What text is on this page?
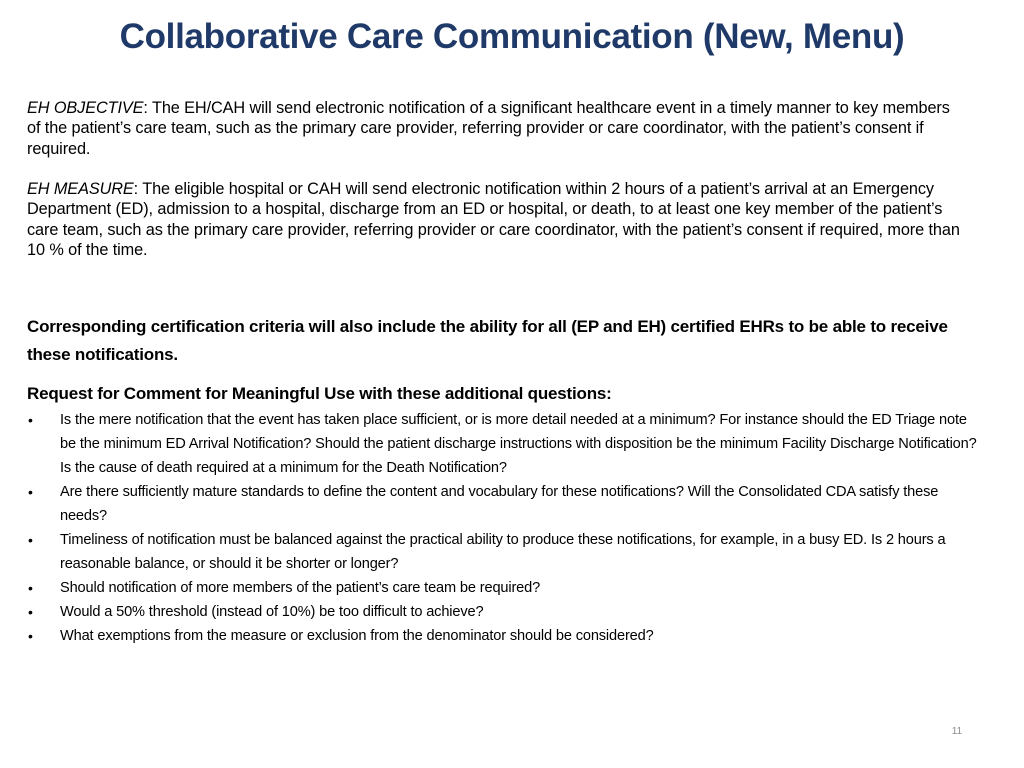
Collaborative Care Communication (New, Menu)
EH OBJECTIVE: The EH/CAH will send electronic notification of a significant healthcare event in a timely manner to key members of the patient’s care team, such as the primary care provider, referring provider or care coordinator, with the patient’s consent if required.
EH MEASURE: The eligible hospital or CAH will send electronic notification within 2 hours of a patient’s arrival at an Emergency Department (ED), admission to a hospital, discharge from an ED or hospital, or death, to at least one key member of the patient’s care team, such as the primary care provider, referring provider or care coordinator, with the patient’s consent if required, more than 10 % of the time.
Corresponding certification criteria will also include the ability for all (EP and EH) certified EHRs to be able to receive these notifications.
Request for Comment for Meaningful Use with these additional questions:
• Is the mere notification that the event has taken place sufficient, or is more detail needed at a minimum? For instance should the ED Triage note be the minimum ED Arrival Notification? Should the patient discharge instructions with disposition be the minimum Facility Discharge Notification? Is the cause of death required at a minimum for the Death Notification?
• Are there sufficiently mature standards to define the content and vocabulary for these notifications? Will the Consolidated CDA satisfy these needs?
• Timeliness of notification must be balanced against the practical ability to produce these notifications, for example, in a busy ED. Is 2 hours a reasonable balance, or should it be shorter or longer?
• Should notification of more members of the patient’s care team be required?
• Would a 50% threshold (instead of 10%) be too difficult to achieve?
• What exemptions from the measure or exclusion from the denominator should be considered?
11
